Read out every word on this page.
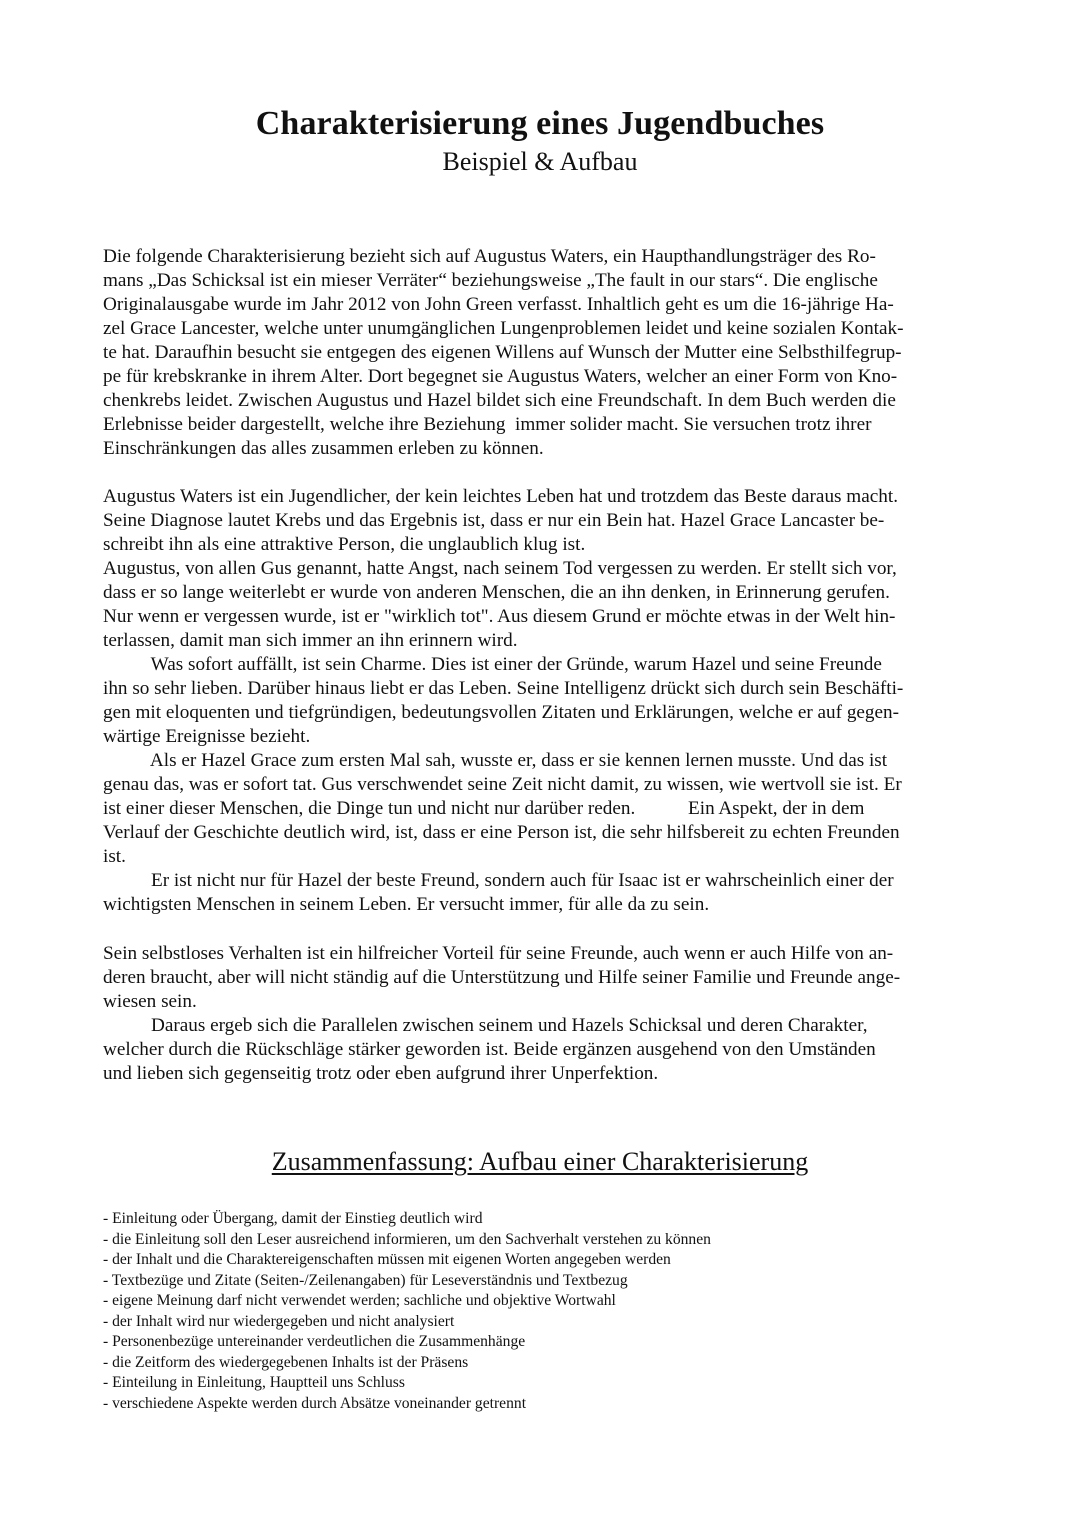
Charakterisierung eines Jugendbuches
Beispiel & Aufbau
Die folgende Charakterisierung bezieht sich auf Augustus Waters, ein Haupthandlungsträger des Ro-
mans „Das Schicksal ist ein mieser Verräter“ beziehungsweise „The fault in our stars“. Die englische
Originalausgabe wurde im Jahr 2012 von John Green verfasst. Inhaltlich geht es um die 16-jährige Ha-
zel Grace Lancester, welche unter unumgänglichen Lungenproblemen leidet und keine sozialen Kontak-
te hat. Daraufhin besucht sie entgegen des eigenen Willens auf Wunsch der Mutter eine Selbsthilfegrup-
pe für krebskranke in ihrem Alter. Dort begegnet sie Augustus Waters, welcher an einer Form von Kno-
chenkrebs leidet. Zwischen Augustus und Hazel bildet sich eine Freundschaft. In dem Buch werden die
Erlebnisse beider dargestellt, welche ihre Beziehung  immer solider macht. Sie versuchen trotz ihrer
Einschränkungen das alles zusammen erleben zu können.
Augustus Waters ist ein Jugendlicher, der kein leichtes Leben hat und trotzdem das Beste daraus macht.
Seine Diagnose lautet Krebs und das Ergebnis ist, dass er nur ein Bein hat. Hazel Grace Lancaster be-
schreibt ihn als eine attraktive Person, die unglaublich klug ist.
Augustus, von allen Gus genannt, hatte Angst, nach seinem Tod vergessen zu werden. Er stellt sich vor,
dass er so lange weiterlebt er wurde von anderen Menschen, die an ihn denken, in Erinnerung gerufen.
Nur wenn er vergessen wurde, ist er "wirklich tot". Aus diesem Grund er möchte etwas in der Welt hin-
terlassen, damit man sich immer an ihn erinnern wird.
Was sofort auffällt, ist sein Charme. Dies ist einer der Gründe, warum Hazel und seine Freunde
ihn so sehr lieben. Darüber hinaus liebt er das Leben. Seine Intelligenz drückt sich durch sein Beschäfti-
gen mit eloquenten und tiefgründigen, bedeutungsvollen Zitaten und Erklärungen, welche er auf gegen-
wärtige Ereignisse bezieht.
Als er Hazel Grace zum ersten Mal sah, wusste er, dass er sie kennen lernen musste. Und das ist
genau das, was er sofort tat. Gus verschwendet seine Zeit nicht damit, zu wissen, wie wertvoll sie ist. Er
ist einer dieser Menschen, die Dinge tun und nicht nur darüber reden.           Ein Aspekt, der in dem
Verlauf der Geschichte deutlich wird, ist, dass er eine Person ist, die sehr hilfsbereit zu echten Freunden
ist.
Er ist nicht nur für Hazel der beste Freund, sondern auch für Isaac ist er wahrscheinlich einer der
wichtigsten Menschen in seinem Leben. Er versucht immer, für alle da zu sein.
Sein selbstloses Verhalten ist ein hilfreicher Vorteil für seine Freunde, auch wenn er auch Hilfe von an-
deren braucht, aber will nicht ständig auf die Unterstützung und Hilfe seiner Familie und Freunde ange-
wiesen sein.
Daraus ergeb sich die Parallelen zwischen seinem und Hazels Schicksal und deren Charakter,
welcher durch die Rückschläge stärker geworden ist. Beide ergänzen ausgehend von den Umständen
und lieben sich gegenseitig trotz oder eben aufgrund ihrer Unperfektion.
Zusammenfassung: Aufbau einer Charakterisierung
- Einleitung oder Übergang, damit der Einstieg deutlich wird
- die Einleitung soll den Leser ausreichend informieren, um den Sachverhalt verstehen zu können
- der Inhalt und die Charaktereigenschaften müssen mit eigenen Worten angegeben werden
- Textbezüge und Zitate (Seiten-/Zeilenangaben) für Leseverständnis und Textbezug
- eigene Meinung darf nicht verwendet werden; sachliche und objektive Wortwahl
- der Inhalt wird nur wiedergegeben und nicht analysiert
- Personenbezüge untereinander verdeutlichen die Zusammenhänge
- die Zeitform des wiedergegebenen Inhalts ist der Präsens
- Einteilung in Einleitung, Hauptteil uns Schluss
- verschiedene Aspekte werden durch Absätze voneinander getrennt
